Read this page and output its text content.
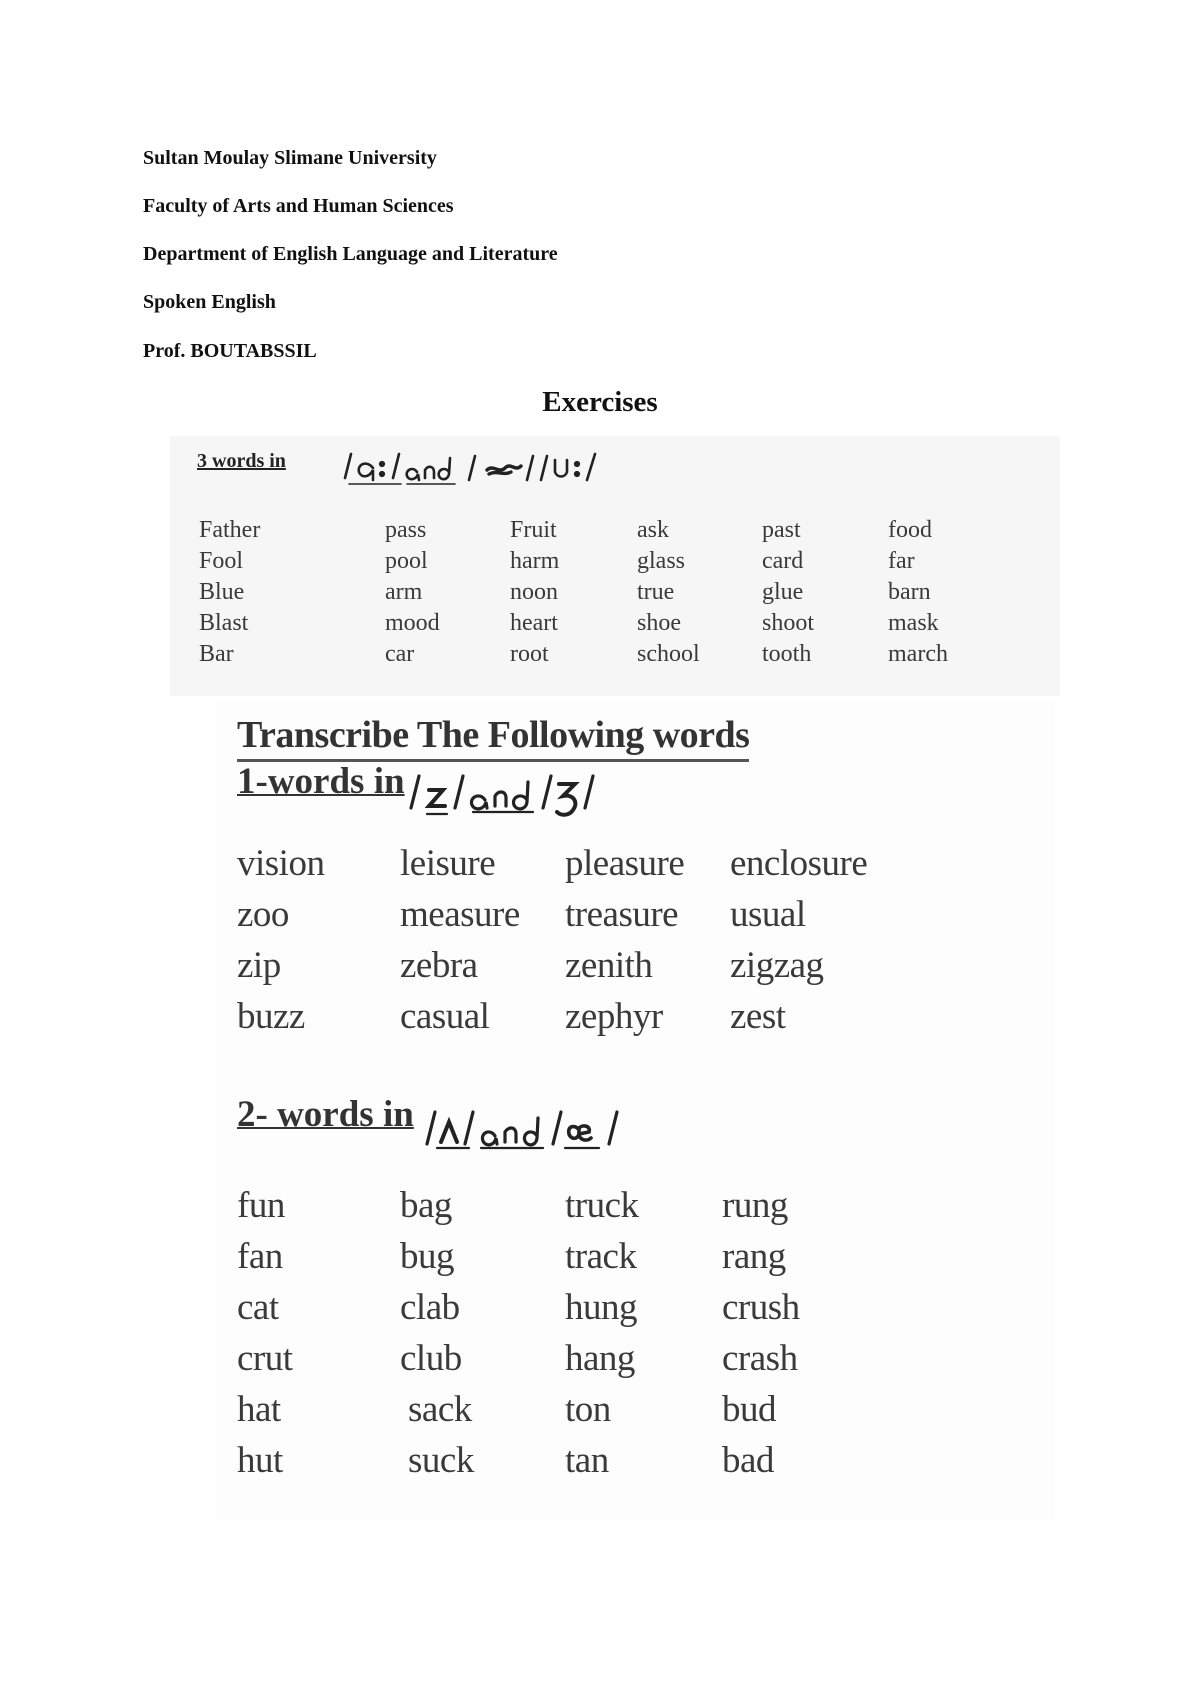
Sultan Moulay Slimane University
Faculty of Arts and Human Sciences
Department of English Language and Literature
Spoken English
Prof. BOUTABSSIL
Exercises
3 words in
Father
Fool
Blue
Blast
Bar
pass
pool
arm
mood
car
Fruit
harm
noon
heart
root
ask
glass
true
shoe
school
past
card
glue
shoot
tooth
food
far
barn
mask
march
Transcribe The Following words
1-words in
vision
zoo
zip
buzz
leisure
measure
zebra
casual
pleasure
treasure
zenith
zephyr
enclosure
usual
zigzag
zest
2- words in
fun
fan
cat
crut
hat
hut
bag
bug
clab
club
sack
suck
truck
track
hung
hang
ton
tan
rung
rang
crush
crash
bud
bad
